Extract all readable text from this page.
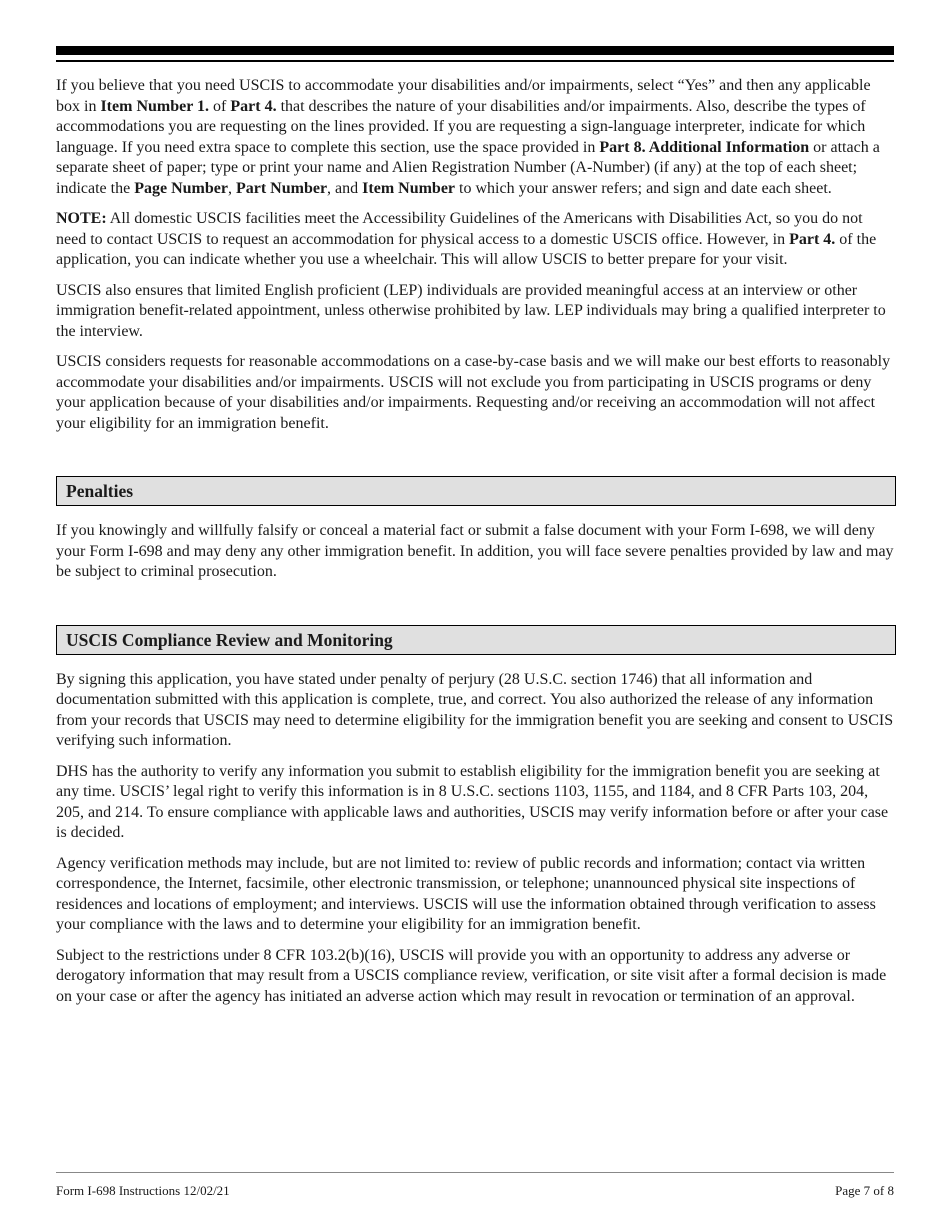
If you believe that you need USCIS to accommodate your disabilities and/or impairments, select “Yes” and then any applicable box in Item Number 1. of Part 4. that describes the nature of your disabilities and/or impairments. Also, describe the types of accommodations you are requesting on the lines provided. If you are requesting a sign-language interpreter, indicate for which language. If you need extra space to complete this section, use the space provided in Part 8. Additional Information or attach a separate sheet of paper; type or print your name and Alien Registration Number (A-Number) (if any) at the top of each sheet; indicate the Page Number, Part Number, and Item Number to which your answer refers; and sign and date each sheet.

NOTE: All domestic USCIS facilities meet the Accessibility Guidelines of the Americans with Disabilities Act, so you do not need to contact USCIS to request an accommodation for physical access to a domestic USCIS office. However, in Part 4. of the application, you can indicate whether you use a wheelchair. This will allow USCIS to better prepare for your visit.

USCIS also ensures that limited English proficient (LEP) individuals are provided meaningful access at an interview or other immigration benefit-related appointment, unless otherwise prohibited by law. LEP individuals may bring a qualified interpreter to the interview.

USCIS considers requests for reasonable accommodations on a case-by-case basis and we will make our best efforts to reasonably accommodate your disabilities and/or impairments. USCIS will not exclude you from participating in USCIS programs or deny your application because of your disabilities and/or impairments. Requesting and/or receiving an accommodation will not affect your eligibility for an immigration benefit.

Penalties

If you knowingly and willfully falsify or conceal a material fact or submit a false document with your Form I-698, we will deny your Form I-698 and may deny any other immigration benefit. In addition, you will face severe penalties provided by law and may be subject to criminal prosecution.

USCIS Compliance Review and Monitoring

By signing this application, you have stated under penalty of perjury (28 U.S.C. section 1746) that all information and documentation submitted with this application is complete, true, and correct. You also authorized the release of any information from your records that USCIS may need to determine eligibility for the immigration benefit you are seeking and consent to USCIS verifying such information.

DHS has the authority to verify any information you submit to establish eligibility for the immigration benefit you are seeking at any time. USCIS’ legal right to verify this information is in 8 U.S.C. sections 1103, 1155, and 1184, and 8 CFR Parts 103, 204, 205, and 214. To ensure compliance with applicable laws and authorities, USCIS may verify information before or after your case is decided.

Agency verification methods may include, but are not limited to: review of public records and information; contact via written correspondence, the Internet, facsimile, other electronic transmission, or telephone; unannounced physical site inspections of residences and locations of employment; and interviews. USCIS will use the information obtained through verification to assess your compliance with the laws and to determine your eligibility for an immigration benefit.

Subject to the restrictions under 8 CFR 103.2(b)(16), USCIS will provide you with an opportunity to address any adverse or derogatory information that may result from a USCIS compliance review, verification, or site visit after a formal decision is made on your case or after the agency has initiated an adverse action which may result in revocation or termination of an approval.

Form I-698 Instructions 12/02/21	Page 7 of 8
